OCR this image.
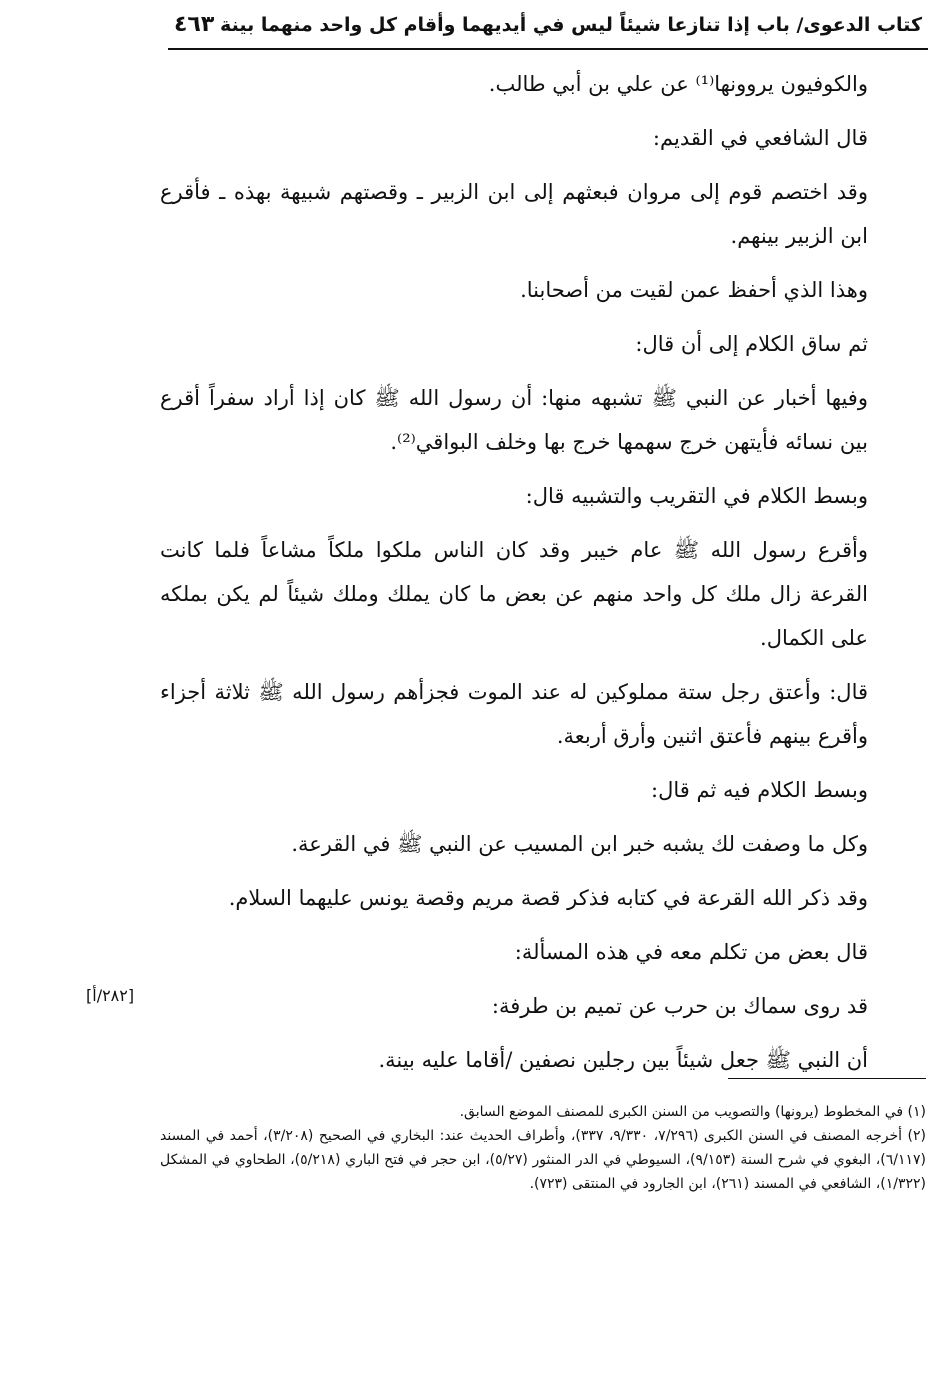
كتاب الدعوى/ باب إذا تنازعا شيئاً ليس في أيديهما وأقام كل واحد منهما بينة
٤٦٣

والكوفيون يروونها⁽¹⁾ عن علي بن أبي طالب.

قال الشافعي في القديم:

وقد اختصم قوم إلى مروان فبعثهم إلى ابن الزبير ـ وقصتهم شبيهة بهذه ـ فأقرع ابن الزبير بينهم.

وهذا الذي أحفظ عمن لقيت من أصحابنا.

ثم ساق الكلام إلى أن قال:

وفيها أخبار عن النبي ﷺ تشبهه منها: أن رسول الله ﷺ كان إذا أراد سفراً أقرع بين نسائه فأيتهن خرج سهمها خرج بها وخلف البواقي⁽²⁾.

وبسط الكلام في التقريب والتشبيه قال:

وأقرع رسول الله ﷺ عام خيبر وقد كان الناس ملكوا ملكاً مشاعاً فلما كانت القرعة زال ملك كل واحد منهم عن بعض ما كان يملك وملك شيئاً لم يكن بملكه على الكمال.

قال: وأعتق رجل ستة مملوكين له عند الموت فجزأهم رسول الله ﷺ ثلاثة أجزاء وأقرع بينهم فأعتق اثنين وأرق أربعة.

وبسط الكلام فيه ثم قال:

وكل ما وصفت لك يشبه خبر ابن المسيب عن النبي ﷺ في القرعة.

وقد ذكر الله القرعة في كتابه فذكر قصة مريم وقصة يونس عليهما السلام.

قال بعض من تكلم معه في هذه المسألة:

قد روى سماك بن حرب عن تميم بن طرفة:

أن النبي ﷺ جعل شيئاً بين رجلين نصفين /أقاما عليه بينة.

[٢٨٢/أ]

(١) في المخطوط (يرونها) والتصويب من السنن الكبرى للمصنف الموضع السابق.

(٢) أخرجه المصنف في السنن الكبرى (٧/٢٩٦، ٩/٣٣٠، ٣٣٧)، وأطراف الحديث عند: البخاري في الصحيح (٣/٢٠٨)، أحمد في المسند (٦/١١٧)، البغوي في شرح السنة (٩/١٥٣)، السيوطي في الدر المنثور (٥/٢٧)، ابن حجر في فتح الباري (٥/٢١٨)، الطحاوي في المشكل (١/٣٢٢)، الشافعي في المسند (٢٦١)، ابن الجارود في المنتقى (٧٢٣).
